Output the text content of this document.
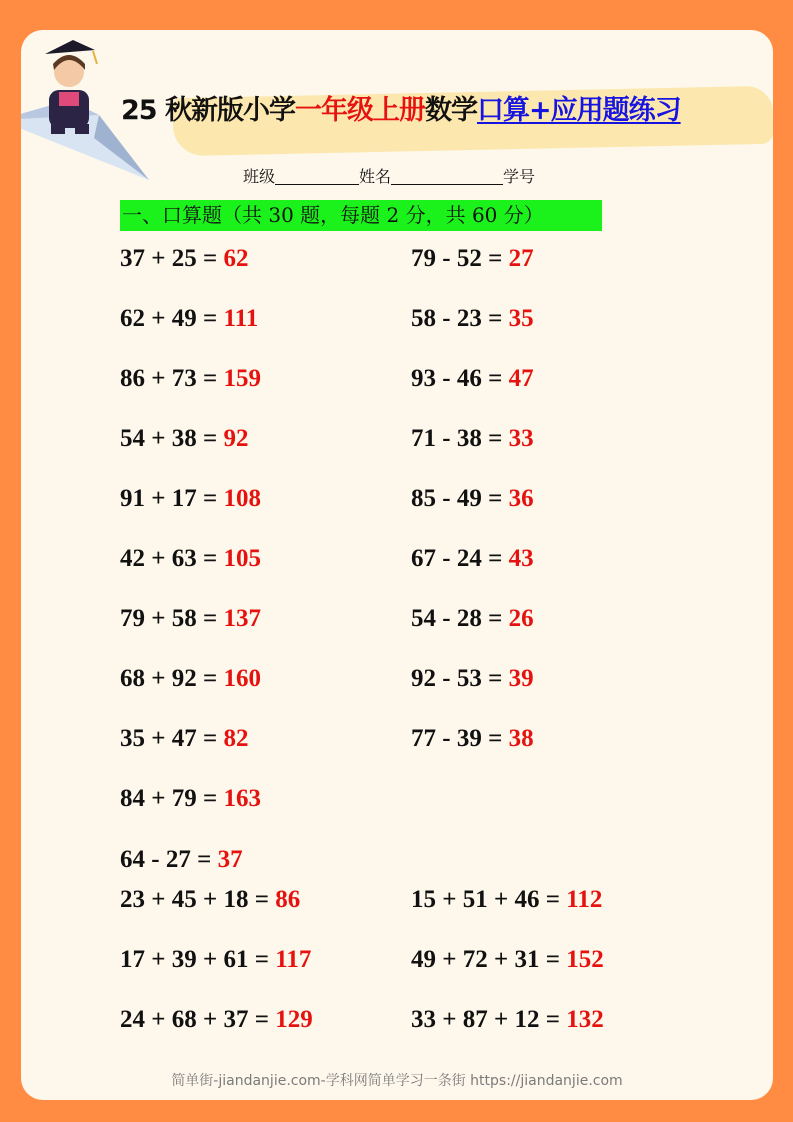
25 秋新版小学一年级上册数学口算+应用题练习
班级	姓名	学号
一、口算题（共 30 题，每题 2 分，共 60 分）
37 + 25 = 62	79 - 52 = 27
62 + 49 = 111	58 - 23 = 35
86 + 73 = 159	93 - 46 = 47
54 + 38 = 92	71 - 38 = 33
91 + 17 = 108	85 - 49 = 36
42 + 63 = 105	67 - 24 = 43
79 + 58 = 137	54 - 28 = 26
68 + 92 = 160	92 - 53 = 39
35 + 47 = 82	77 - 39 = 38
84 + 79 = 163
64 - 27 = 37
23 + 45 + 18 = 86	15 + 51 + 46 = 112
17 + 39 + 61 = 117	49 + 72 + 31 = 152
24 + 68 + 37 = 129	33 + 87 + 12 = 132
简单街-jiandanjie.com-学科网简单学习一条街 https://jiandanjie.com
